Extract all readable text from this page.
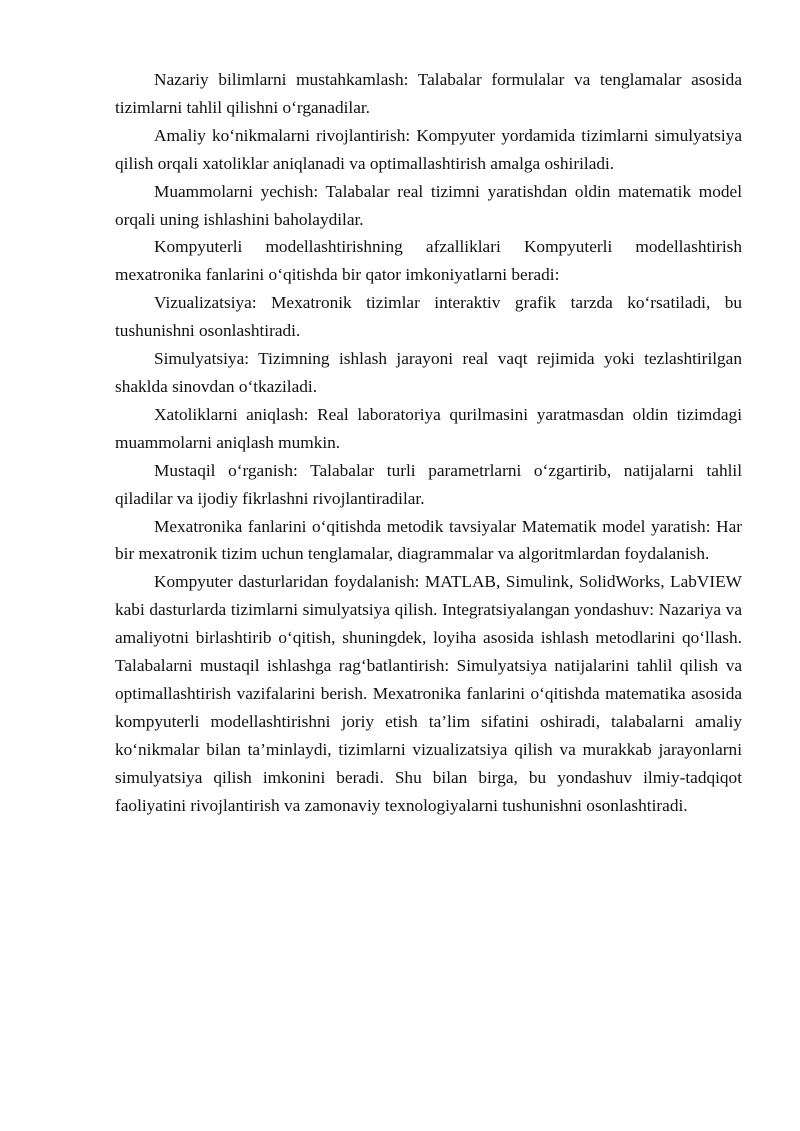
Nazariy bilimlarni mustahkamlash: Talabalar formulalar va tenglamalar asosida tizimlarni tahlil qilishni o‘rganadilar.

Amaliy ko‘nikmalarni rivojlantirish: Kompyuter yordamida tizimlarni simulyatsiya qilish orqali xatoliklar aniqlanadi va optimallashtirish amalga oshiriladi.

Muammolarni yechish: Talabalar real tizimni yaratishdan oldin matematik model orqali uning ishlashini baholaydilar.

Kompyuterli modellashtirishning afzalliklari Kompyuterli modellashtirish mexatronika fanlarini o‘qitishda bir qator imkoniyatlarni beradi:

Vizualizatsiya: Mexatronik tizimlar interaktiv grafik tarzda ko‘rsatiladi, bu tushunishni osonlashtiradi.

Simulyatsiya: Tizimning ishlash jarayoni real vaqt rejimida yoki tezlashtirilgan shaklda sinovdan o‘tkaziladi.

Xatoliklarni aniqlash: Real laboratoriya qurilmasini yaratmasdan oldin tizimdagi muammolarni aniqlash mumkin.

Mustaqil o‘rganish: Talabalar turli parametrlarni o‘zgartirib, natijalarni tahlil qiladilar va ijodiy fikrlashni rivojlantiradilar.

Mexatronika fanlarini o‘qitishda metodik tavsiyalar Matematik model yaratish: Har bir mexatronik tizim uchun tenglamalar, diagrammalar va algoritmlardan foydalanish.

Kompyuter dasturlaridan foydalanish: MATLAB, Simulink, SolidWorks, LabVIEW kabi dasturlarda tizimlarni simulyatsiya qilish. Integratsiyalangan yondashuv: Nazariya va amaliyotni birlashtirib o‘qitish, shuningdek, loyiha asosida ishlash metodlarini qo‘llash. Talabalarni mustaqil ishlashga rag‘batlantirish: Simulyatsiya natijalarini tahlil qilish va optimallashtirish vazifalarini berish. Mexatronika fanlarini o‘qitishda matematika asosida kompyuterli modellashtirishni joriy etish ta’lim sifatini oshiradi, talabalarni amaliy ko‘nikmalar bilan ta’minlaydi, tizimlarni vizualizatsiya qilish va murakkab jarayonlarni simulyatsiya qilish imkonini beradi. Shu bilan birga, bu yondashuv ilmiy-tadqiqot faoliyatini rivojlantirish va zamonaviy texnologiyalarni tushunishni osonlashtiradi.
